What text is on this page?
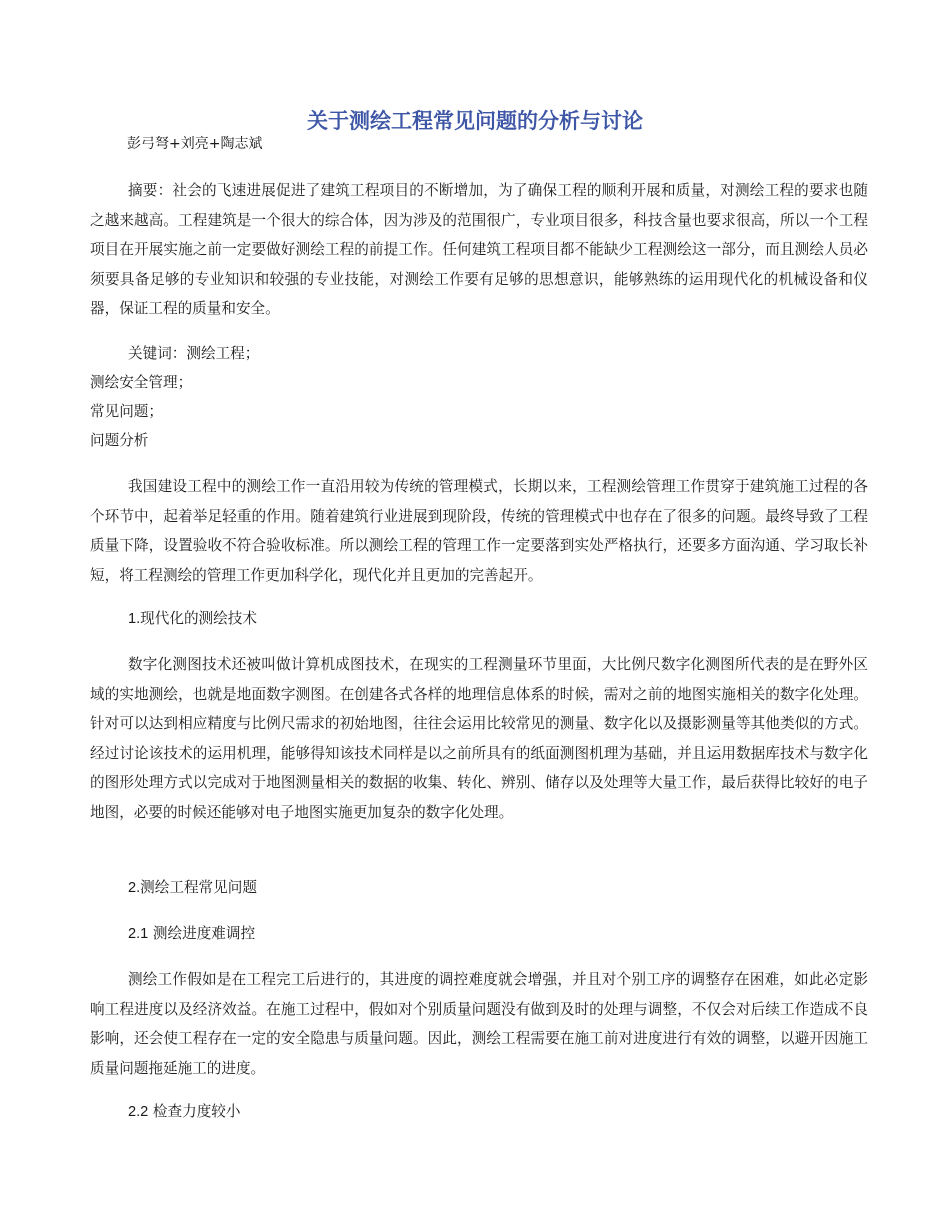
关于测绘工程常见问题的分析与讨论
彭弓弩+刘亮+陶志斌

摘要：社会的飞速进展促进了建筑工程项目的不断增加，为了确保工程的顺利开展和质量，对测绘工程的要求也随之越来越高。工程建筑是一个很大的综合体，因为涉及的范围很广，专业项目很多，科技含量也要求很高，所以一个工程项目在开展实施之前一定要做好测绘工程的前提工作。任何建筑工程项目都不能缺少工程测绘这一部分，而且测绘人员必须要具备足够的专业知识和较强的专业技能，对测绘工作要有足够的思想意识，能够熟练的运用现代化的机械设备和仪器，保证工程的质量和安全。

关键词：测绘工程；

测绘安全管理；

常见问题；

问题分析

我国建设工程中的测绘工作一直沿用较为传统的管理模式，长期以来，工程测绘管理工作贯穿于建筑施工过程的各个环节中，起着举足轻重的作用。随着建筑行业进展到现阶段，传统的管理模式中也存在了很多的问题。最终导致了工程质量下降，设置验收不符合验收标准。所以测绘工程的管理工作一定要落到实处严格执行，还要多方面沟通、学习取长补短，将工程测绘的管理工作更加科学化，现代化并且更加的完善起开。

1.现代化的测绘技术

数字化测图技术还被叫做计算机成图技术，在现实的工程测量环节里面，大比例尺数字化测图所代表的是在野外区域的实地测绘，也就是地面数字测图。在创建各式各样的地理信息体系的时候，需对之前的地图实施相关的数字化处理。针对可以达到相应精度与比例尺需求的初始地图，往往会运用比较常见的测量、数字化以及摄影测量等其他类似的方式。经过讨论该技术的运用机理，能够得知该技术同样是以之前所具有的纸面测图机理为基础，并且运用数据库技术与数字化的图形处理方式以完成对于地图测量相关的数据的收集、转化、辨别、储存以及处理等大量工作，最后获得比较好的电子地图，必要的时候还能够对电子地图实施更加复杂的数字化处理。

2.测绘工程常见问题

2.1 测绘进度难调控

测绘工作假如是在工程完工后进行的，其进度的调控难度就会增强，并且对个别工序的调整存在困难，如此必定影响工程进度以及经济效益。在施工过程中，假如对个别质量问题没有做到及时的处理与调整，不仅会对后续工作造成不良影响，还会使工程存在一定的安全隐患与质量问题。因此，测绘工程需要在施工前对进度进行有效的调整，以避开因施工质量问题拖延施工的进度。

2.2 检查力度较小
